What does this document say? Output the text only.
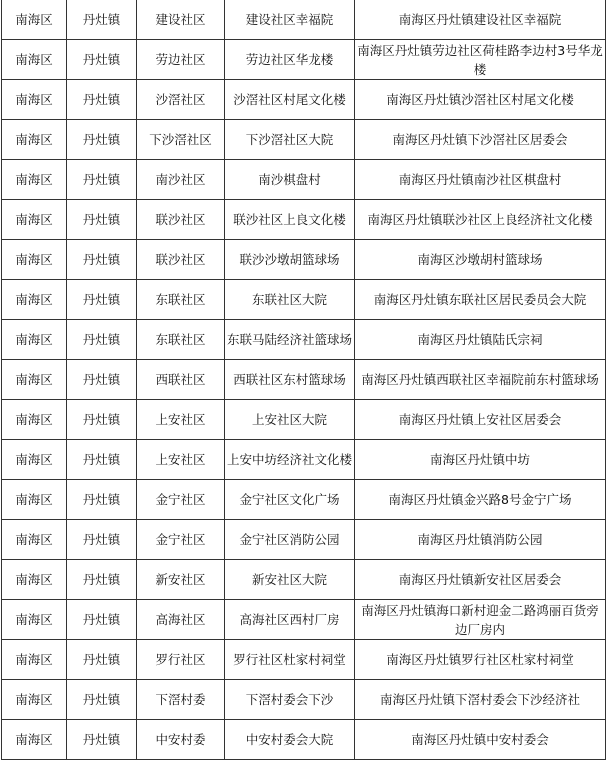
南海区	丹灶镇	建设社区	建设社区幸福院	南海区丹灶镇建设社区幸福院
南海区	丹灶镇	劳边社区	劳边社区华龙楼	南海区丹灶镇劳边社区荷桂路李边村3号华龙楼
南海区	丹灶镇	沙滘社区	沙滘社区村尾文化楼	南海区丹灶镇沙滘社区村尾文化楼
南海区	丹灶镇	下沙滘社区	下沙滘社区大院	南海区丹灶镇下沙滘社区居委会
南海区	丹灶镇	南沙社区	南沙棋盘村	南海区丹灶镇南沙社区棋盘村
南海区	丹灶镇	联沙社区	联沙社区上良文化楼	南海区丹灶镇联沙社区上良经济社文化楼
南海区	丹灶镇	联沙社区	联沙沙墩胡篮球场	南海区沙墩胡村篮球场
南海区	丹灶镇	东联社区	东联社区大院	南海区丹灶镇东联社区居民委员会大院
南海区	丹灶镇	东联社区	东联马陆经济社篮球场	南海区丹灶镇陆氏宗祠
南海区	丹灶镇	西联社区	西联社区东村篮球场	南海区丹灶镇西联社区幸福院前东村篮球场
南海区	丹灶镇	上安社区	上安社区大院	南海区丹灶镇上安社区居委会
南海区	丹灶镇	上安社区	上安中坊经济社文化楼	南海区丹灶镇中坊
南海区	丹灶镇	金宁社区	金宁社区文化广场	南海区丹灶镇金兴路8号金宁广场
南海区	丹灶镇	金宁社区	金宁社区消防公园	南海区丹灶镇消防公园
南海区	丹灶镇	新安社区	新安社区大院	南海区丹灶镇新安社区居委会
南海区	丹灶镇	高海社区	高海社区西村厂房	南海区丹灶镇海口新村迎金二路鸿丽百货旁边厂房内
南海区	丹灶镇	罗行社区	罗行社区杜家村祠堂	南海区丹灶镇罗行社区杜家村祠堂
南海区	丹灶镇	下滘村委	下滘村委会下沙	南海区丹灶镇下滘村委会下沙经济社
南海区	丹灶镇	中安村委	中安村委会大院	南海区丹灶镇中安村委会
